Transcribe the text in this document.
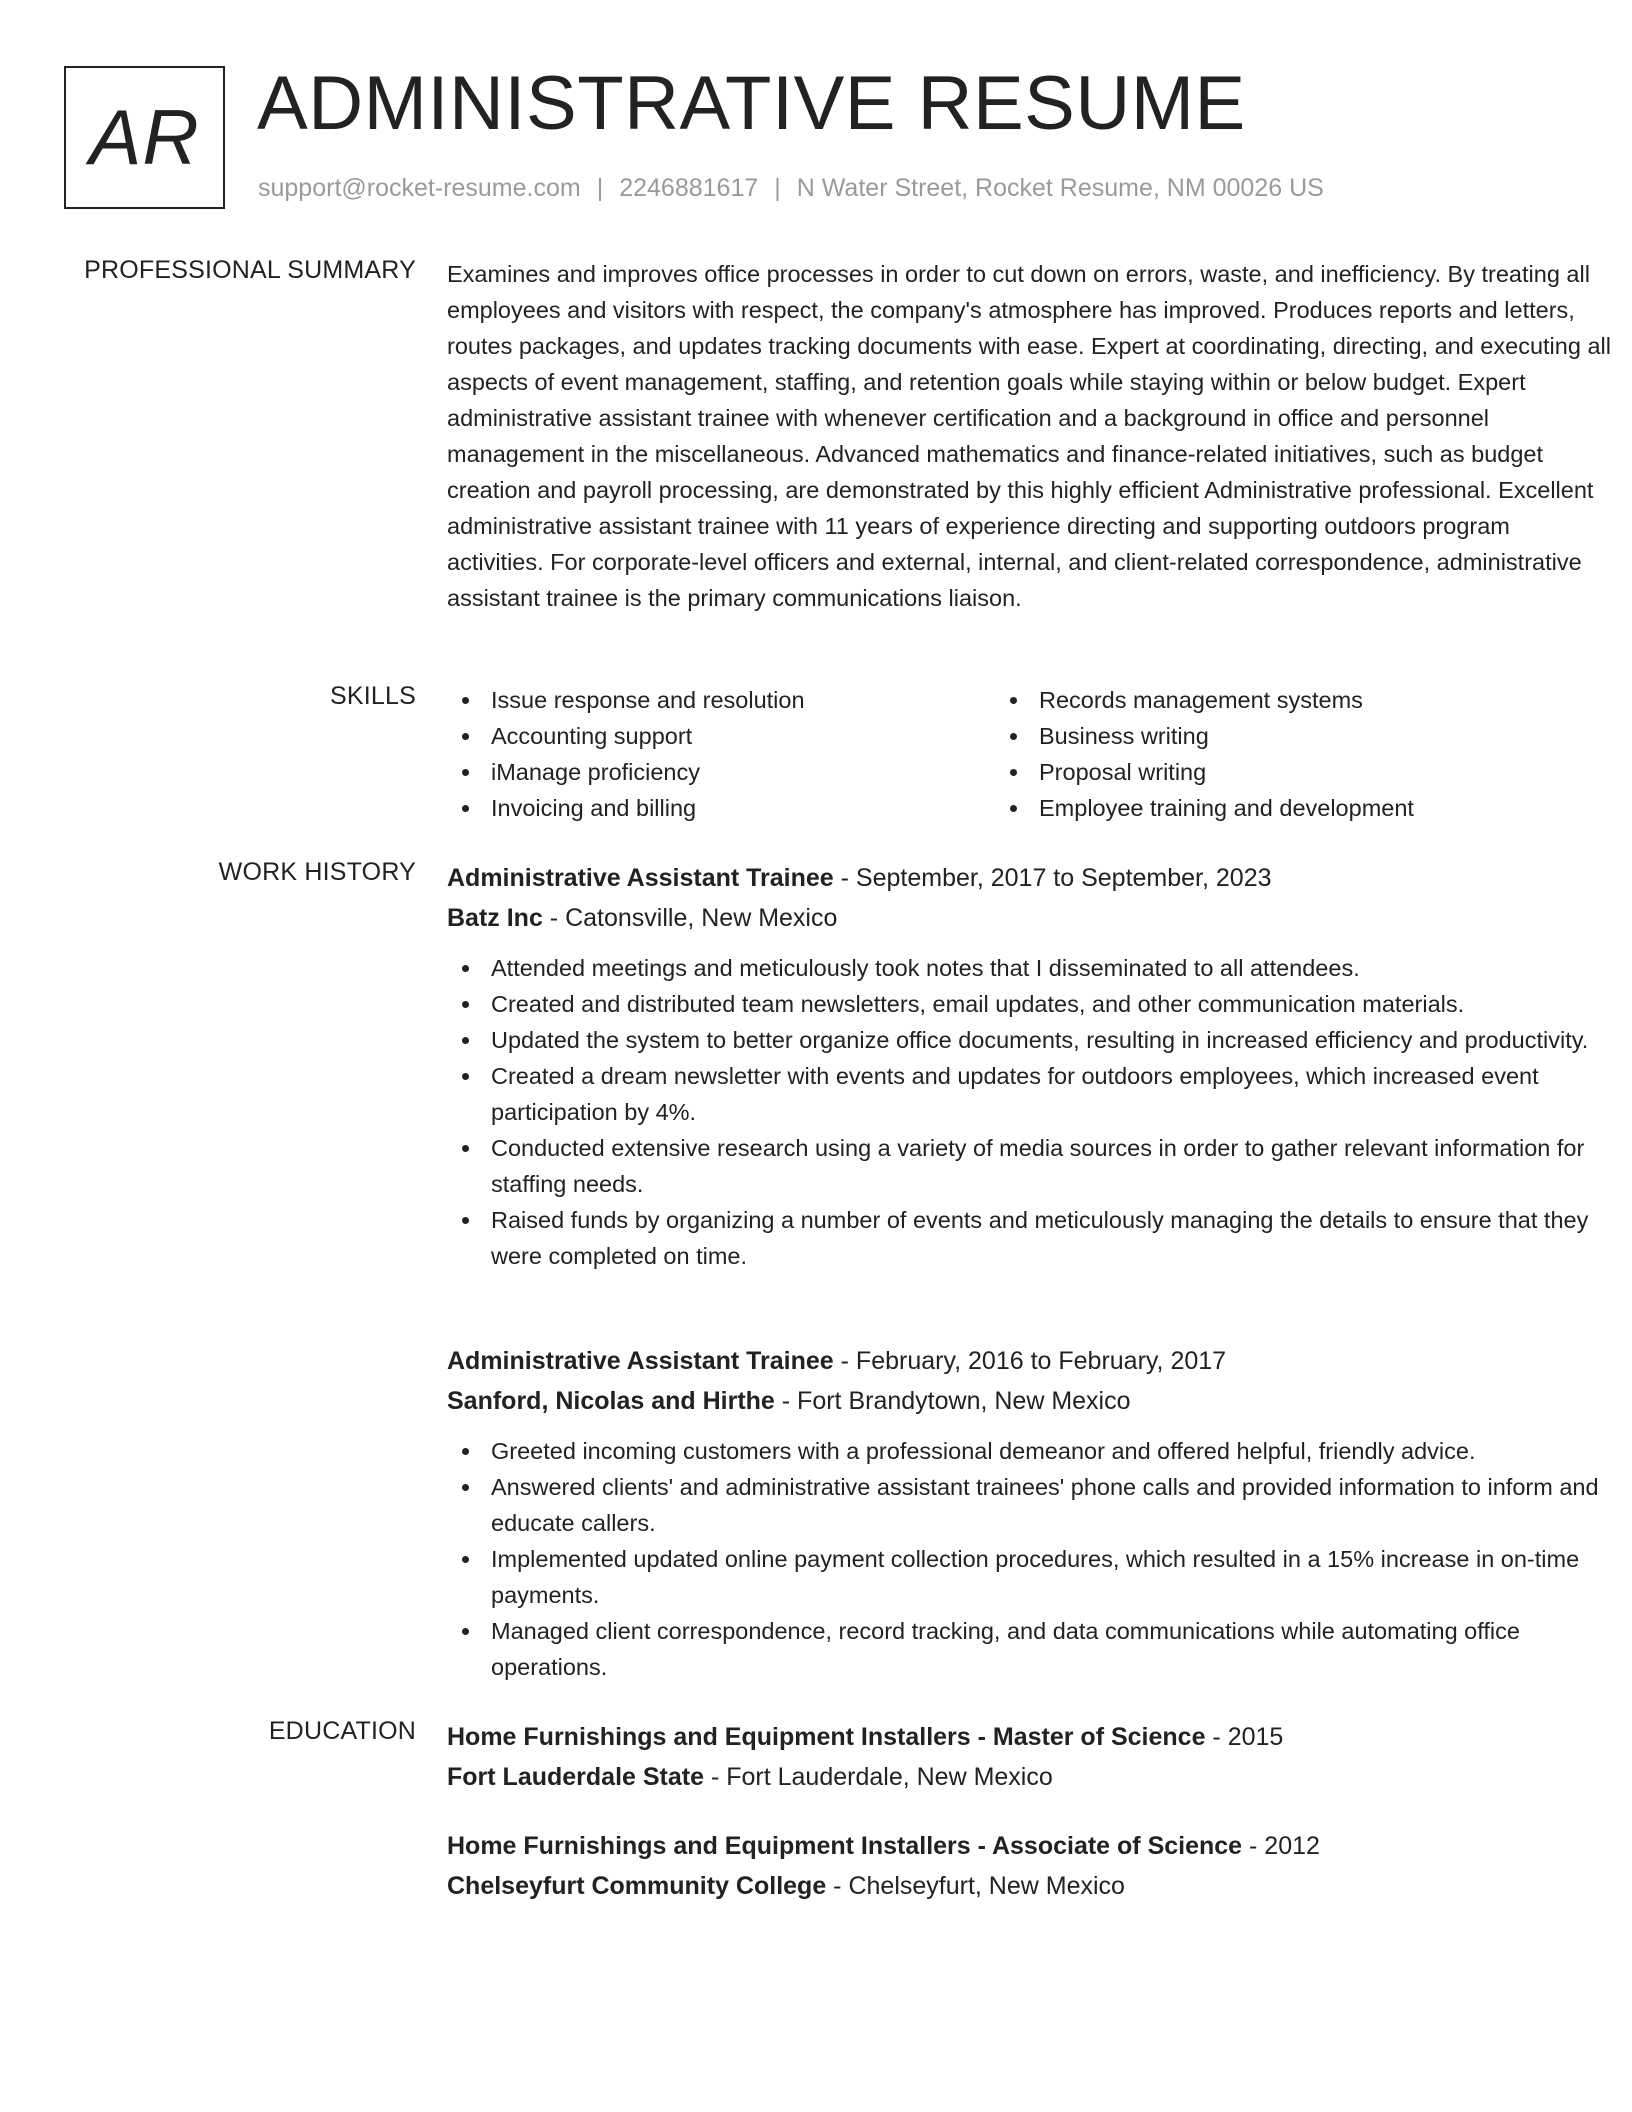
AR ADMINISTRATIVE RESUME
support@rocket-resume.com | 2246881617 | N Water Street, Rocket Resume, NM 00026 US
PROFESSIONAL SUMMARY Examines and improves office processes in order to cut down on errors, waste, and inefficiency. By treating all employees and visitors with respect, the company's atmosphere has improved. Produces reports and letters, routes packages, and updates tracking documents with ease. Expert at coordinating, directing, and executing all aspects of event management, staffing, and retention goals while staying within or below budget. Expert administrative assistant trainee with whenever certification and a background in office and personnel management in the miscellaneous. Advanced mathematics and finance-related initiatives, such as budget creation and payroll processing, are demonstrated by this highly efficient Administrative professional. Excellent administrative assistant trainee with 11 years of experience directing and supporting outdoors program activities. For corporate-level officers and external, internal, and client-related correspondence, administrative assistant trainee is the primary communications liaison.
SKILLS	Issue response and resolution
Accounting support
iManage proficiency
Invoicing and billing
Records management systems
Business writing
Proposal writing
Employee training and development
WORK HISTORY Administrative Assistant Trainee - September, 2017 to September, 2023
Batz Inc - Catonsville, New Mexico
Attended meetings and meticulously took notes that I disseminated to all attendees.
Created and distributed team newsletters, email updates, and other communication materials.
Updated the system to better organize office documents, resulting in increased efficiency and productivity.
Created a dream newsletter with events and updates for outdoors employees, which increased event participation by 4%.
Conducted extensive research using a variety of media sources in order to gather relevant information for staffing needs.
Raised funds by organizing a number of events and meticulously managing the details to ensure that they were completed on time.
Administrative Assistant Trainee - February, 2016 to February, 2017
Sanford, Nicolas and Hirthe - Fort Brandytown, New Mexico
Greeted incoming customers with a professional demeanor and offered helpful, friendly advice.
Answered clients' and administrative assistant trainees' phone calls and provided information to inform and educate callers.
Implemented updated online payment collection procedures, which resulted in a 15% increase in on-time payments.
Managed client correspondence, record tracking, and data communications while automating office operations.
EDUCATION Home Furnishings and Equipment Installers - Master of Science - 2015
Fort Lauderdale State - Fort Lauderdale, New Mexico
Home Furnishings and Equipment Installers - Associate of Science - 2012
Chelseyfurt Community College - Chelseyfurt, New Mexico
